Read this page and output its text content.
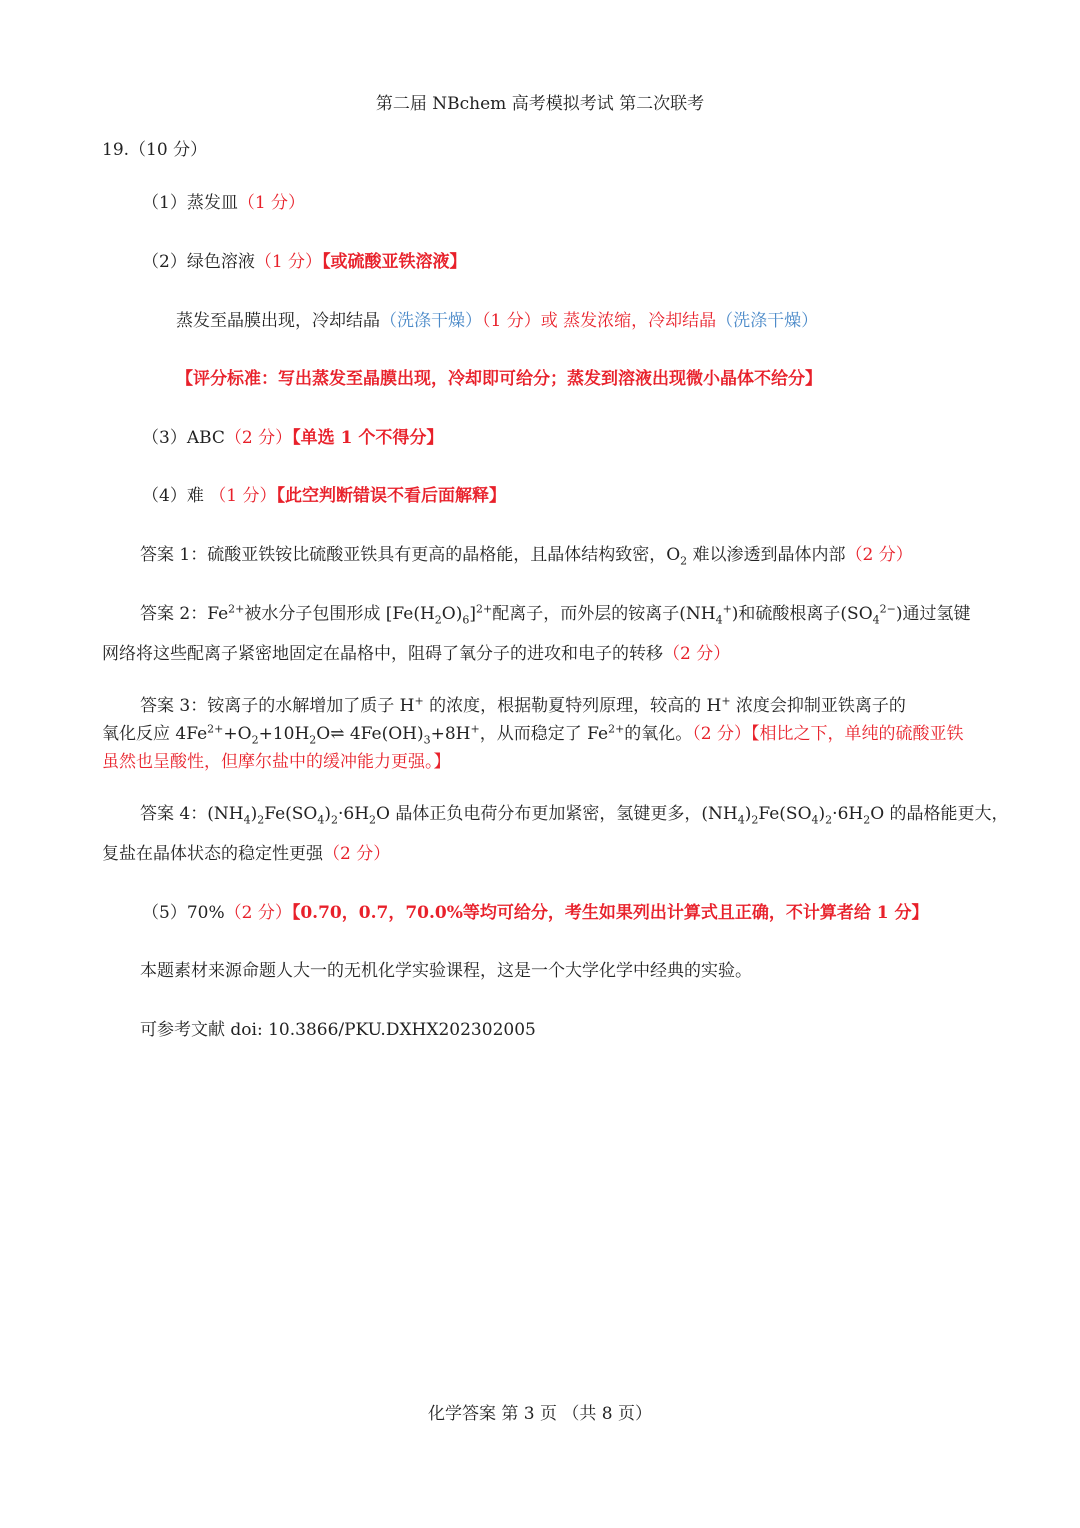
第二届 NBchem 高考模拟考试 第二次联考
19.（10 分）
（1）蒸发皿（1 分）
（2）绿色溶液（1 分）【或硫酸亚铁溶液】
蒸发至晶膜出现，冷却结晶（洗涤干燥）（1 分）或 蒸发浓缩，冷却结晶（洗涤干燥）
【评分标准：写出蒸发至晶膜出现，冷却即可给分；蒸发到溶液出现微小晶体不给分】
（3）ABC（2 分）【单选 1 个不得分】
（4）难 （1 分）【此空判断错误不看后面解释】
答案 1：硫酸亚铁铵比硫酸亚铁具有更高的晶格能，且晶体结构致密，$O_2$ 难以渗透到晶体内部（2 分）
答案 2：$Fe^{2+}$被水分子包围形成 $[Fe(H_2O)_6]^{2+}$配离子，而外层的铵离子$(NH_4^+)$和硫酸根离子$(SO_4^{2-})$通过氢键
网络将这些配离子紧密地固定在晶格中，阻碍了氧分子的进攻和电子的转移（2 分）
答案 3：铵离子的水解增加了质子 H+ 的浓度，根据勒夏特列原理，较高的 H+ 浓度会抑制亚铁离子的
氧化反应 $4Fe^{2+}+O_2+10H_2O\rightleftharpoons$ $4Fe(OH)_3+8H^+$，从而稳定了 $Fe^{2+}$的氧化。（2 分）【相比之下，单纯的硫酸亚铁
虽然也呈酸性，但摩尔盐中的缓冲能力更强。】
答案 4：$(NH_4)_2Fe(SO_4)_2\cdot 6H_2O$ 晶体正负电荷分布更加紧密，氢键更多，$(NH_4)_2Fe(SO_4)_2\cdot 6H_2O$ 的晶格能更大，
复盐在晶体状态的稳定性更强（2 分）
（5）70%（2 分）【0.70，0.7，70.0%等均可给分，考生如果列出计算式且正确，不计算者给 1 分】
本题素材来源命题人大一的无机化学实验课程，这是一个大学化学中经典的实验。
可参考文献 doi: 10.3866/PKU.DXHX202302005
化学答案 第 3 页 （共 8 页）
